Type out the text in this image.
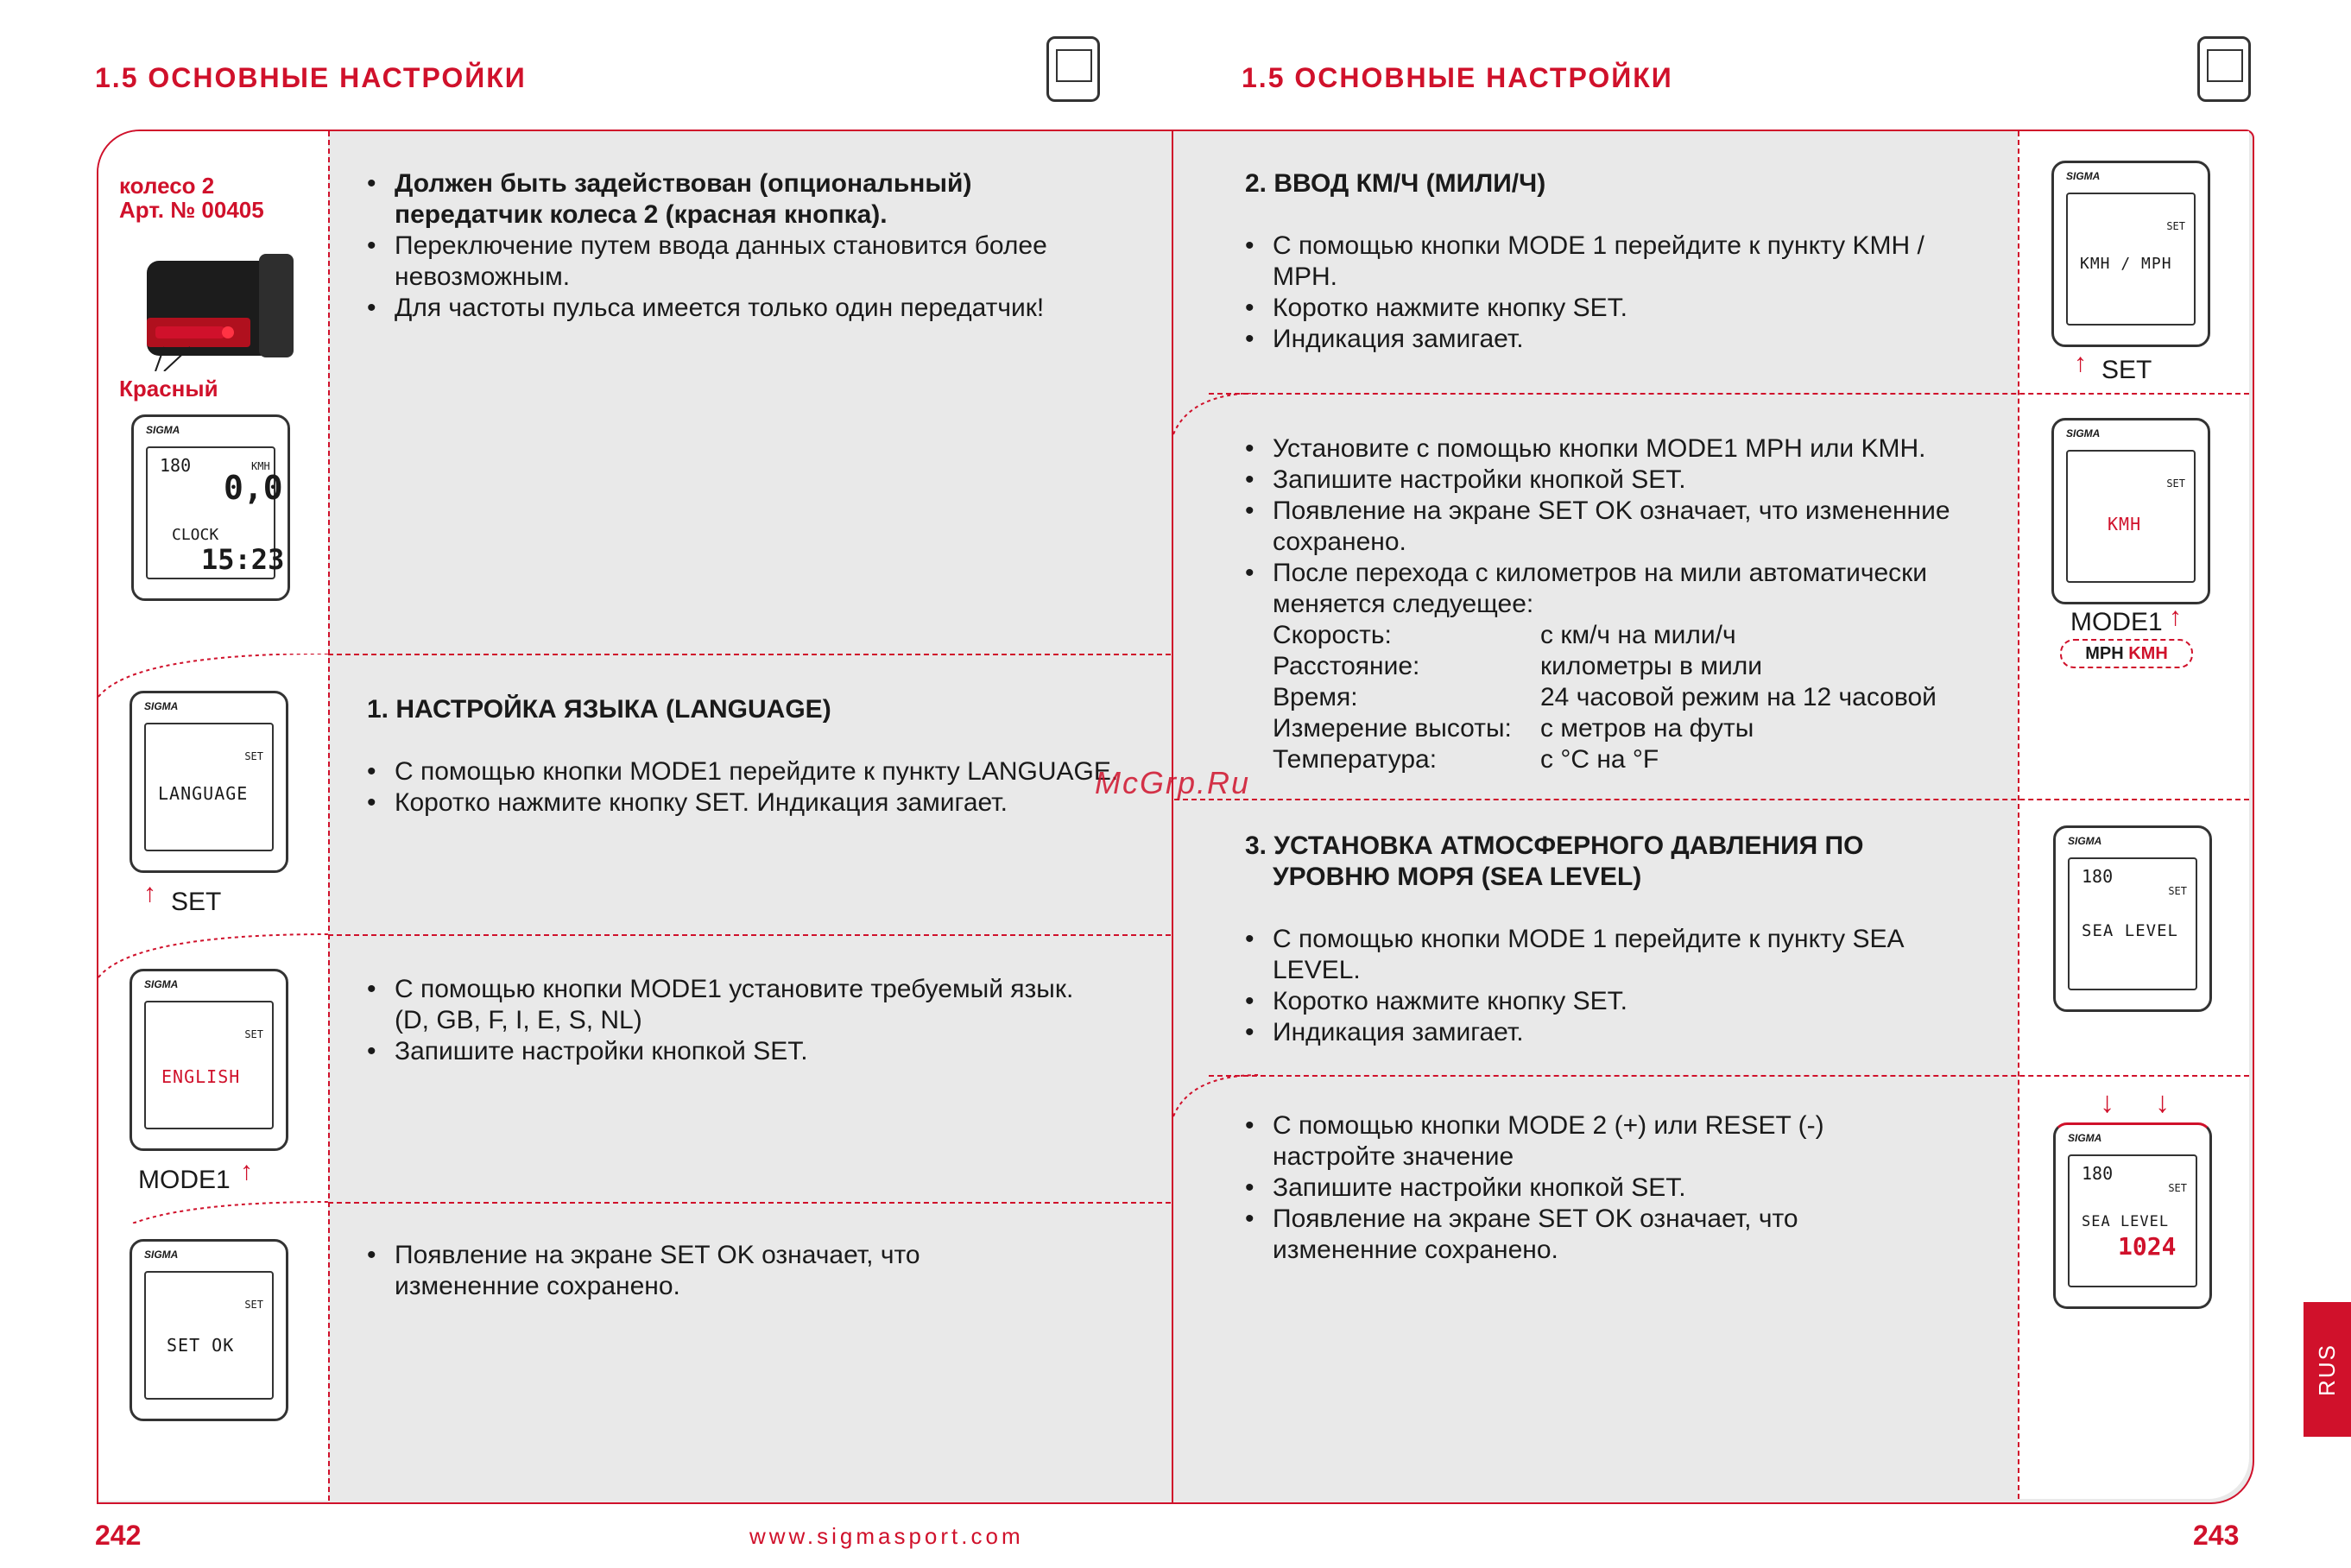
1.5 ОСНОВНЫЕ НАСТРОЙКИ	1.5 ОСНОВНЫЕ НАСТРОЙКИ
колесо 2
Арт. № 00405
Красный
SIGMA
180
0,0
KMH
CLOCK
15:23
SIGMA
SET
LANGUAGE
↑ SET
SIGMA
SET
ENGLISH
MODE1 ↑
SIGMA
SET
SET OK
• Должен быть задействован (опциональный) передатчик колеса 2 (красная кнопка).
• Переключение путем ввода данных становится более невозможным.
• Для частоты пульса имеется только один передатчик!
1. НАСТРОЙКА ЯЗЫКА (LANGUAGE)
• С помощью кнопки MODE1 перейдите к пункту LANGUAGE.
• Коротко нажмите кнопку SET. Индикация замигает.
• С помощью кнопки MODE1 установите требуемый язык. (D, GB, F, I, E, S, NL)
• Запишите настройки кнопкой SET.
• Появление на экране SET OK означает, что измененние сохранено.
McGrp.Ru
2. ВВОД КМ/Ч (МИЛИ/Ч)
• С помощью кнопки MODE 1 перейдите к пункту KMH / MPH.
• Коротко нажмите кнопку SET.
• Индикация замигает.
• Установите с помощью кнопки MODE1 MPH или KMH.
• Запишите настройки кнопкой SET.
• Появление на экране SET OK означает, что измененние сохранено.
• После перехода с километров на мили автоматически меняется следуещее:
Скорость:	с км/ч на мили/ч
Расстояние:	километры в мили
Время:	24 часовой режим на 12 часовой
Измерение высоты: с метров на футы
Температура:	с °C на °F
3. УСТАНОВКА АТМОСФЕРНОГО ДАВЛЕНИЯ ПО УРОВНЮ МОРЯ (SEA LEVEL)
• С помощью кнопки MODE 1 перейдите к пункту SEA LEVEL.
• Коротко нажмите кнопку SET.
• Индикация замигает.
• С помощью кнопки MODE 2 (+) или RESET (-) настройте значение
• Запишите настройки кнопкой SET.
• Появление на экране SET OK означает, что измененние сохранено.
SIGMA
SET
KMH / MPH
↑ SET
SIGMA
SET
KMH
MODE1 ↑
MPH KMH
SIGMA
180
SET
SEA LEVEL
↓ ↓
SIGMA
180
SET
SEA LEVEL
1024
RUS
242	www.sigmasport.com	243
